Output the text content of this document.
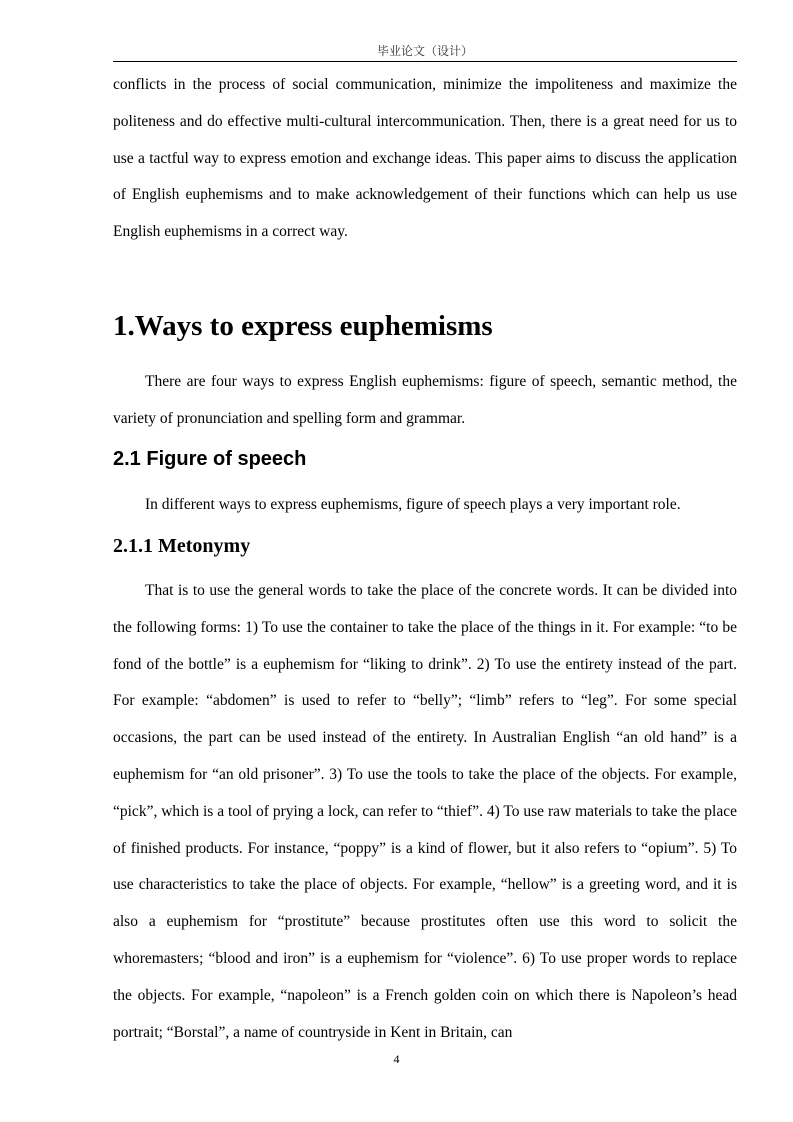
毕业论文（设计）

conflicts in the process of social communication, minimize the impoliteness and maximize the politeness and do effective multi-cultural intercommunication. Then, there is a great need for us to use a tactful way to express emotion and exchange ideas. This paper aims to discuss the application of English euphemisms and to make acknowledgement of their functions which can help us use English euphemisms in a correct way.

1.Ways to express euphemisms

There are four ways to express English euphemisms: figure of speech, semantic method, the variety of pronunciation and spelling form and grammar.

2.1 Figure of speech

In different ways to express euphemisms, figure of speech plays a very important role.

2.1.1 Metonymy

That is to use the general words to take the place of the concrete words. It can be divided into the following forms: 1) To use the container to take the place of the things in it. For example: “to be fond of the bottle” is a euphemism for “liking to drink”. 2) To use the entirety instead of the part. For example: “abdomen” is used to refer to “belly”; “limb” refers to “leg”. For some special occasions, the part can be used instead of the entirety. In Australian English “an old hand” is a euphemism for “an old prisoner”. 3) To use the tools to take the place of the objects. For example, “pick”, which is a tool of prying a lock, can refer to “thief”. 4) To use raw materials to take the place of finished products. For instance, “poppy” is a kind of flower, but it also refers to “opium”. 5) To use characteristics to take the place of objects. For example, “hellow” is a greeting word, and it is also a euphemism for “prostitute” because prostitutes often use this word to solicit the whoremasters; “blood and iron” is a euphemism for “violence”. 6) To use proper words to replace the objects. For example, “napoleon” is a French golden coin on which there is Napoleon’s head portrait; “Borstal”, a name of countryside in Kent in Britain, can

4
